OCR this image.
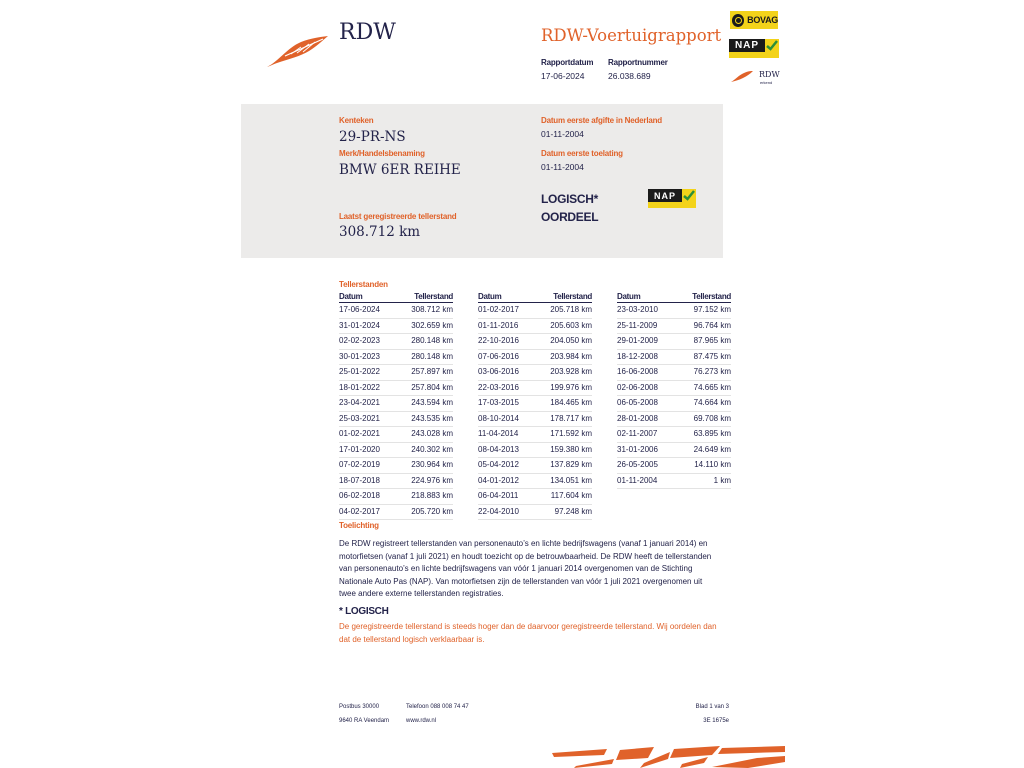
RDW	RDW-Voertuigrapport
Rapportdatum
17-06-2024
Rapportnummer
26.038.689
BOVAG
NAP
RDW
erkend
Kenteken
29-PR-NS
Merk/Handelsbenaming
BMW 6ER REIHE
Laatst geregistreerde tellerstand
308.712 km
Datum eerste afgifte in Nederland
01-11-2004
Datum eerste toelating
01-11-2004
LOGISCH*
OORDEEL
NAP
Tellerstanden
Datum	Tellerstand
17-06-2024	308.712 km
31-01-2024	302.659 km
02-02-2023	280.148 km
30-01-2023	280.148 km
25-01-2022	257.897 km
18-01-2022	257.804 km
23-04-2021	243.594 km
25-03-2021	243.535 km
01-02-2021	243.028 km
17-01-2020	240.302 km
07-02-2019	230.964 km
18-07-2018	224.976 km
06-02-2018	218.883 km
04-02-2017	205.720 km
Datum	Tellerstand
01-02-2017	205.718 km
01-11-2016	205.603 km
22-10-2016	204.050 km
07-06-2016	203.984 km
03-06-2016	203.928 km
22-03-2016	199.976 km
17-03-2015	184.465 km
08-10-2014	178.717 km
11-04-2014	171.592 km
08-04-2013	159.380 km
05-04-2012	137.829 km
04-01-2012	134.051 km
06-04-2011	117.604 km
22-04-2010	97.248 km
Datum	Tellerstand
23-03-2010	97.152 km
25-11-2009	96.764 km
29-01-2009	87.965 km
18-12-2008	87.475 km
16-06-2008	76.273 km
02-06-2008	74.665 km
06-05-2008	74.664 km
28-01-2008	69.708 km
02-11-2007	63.895 km
31-01-2006	24.649 km
26-05-2005	14.110 km
01-11-2004	1 km
Toelichting
De RDW registreert tellerstanden van personenauto’s en lichte bedrijfswagens (vanaf 1 januari 2014) en
motorfietsen (vanaf 1 juli 2021) en houdt toezicht op de betrouwbaarheid. De RDW heeft de tellerstanden
van personenauto’s en lichte bedrijfswagens van vóór 1 januari 2014 overgenomen van de Stichting
Nationale Auto Pas (NAP). Van motorfietsen zijn de tellerstanden van vóór 1 juli 2021 overgenomen uit
twee andere externe tellerstanden registraties.
* LOGISCH
De geregistreerde tellerstand is steeds hoger dan de daarvoor geregistreerde tellerstand. Wij oordelen dan
dat de tellerstand logisch verklaarbaar is.
Postbus 30000
9640 RA Veendam
Telefoon 088 008 74 47
www.rdw.nl
Blad 1 van 3
3E 1675e
